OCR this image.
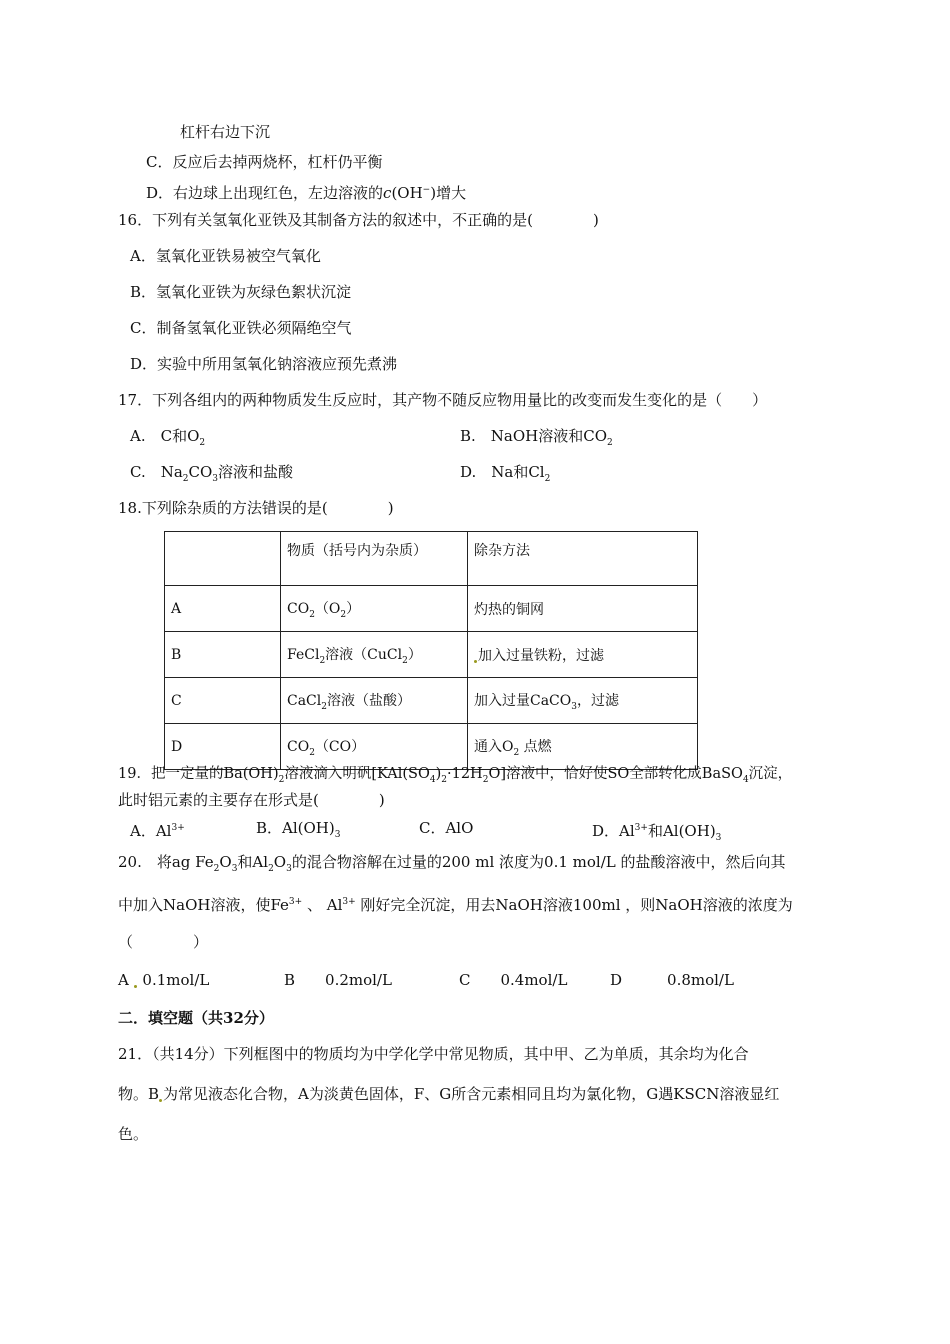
杠杆右边下沉
C．反应后去掉两烧杯，杠杆仍平衡
D．右边球上出现红色，左边溶液的c(OH−)增大
16．下列有关氢氧化亚铁及其制备方法的叙述中，不正确的是(　　　　)
A．氢氧化亚铁易被空气氧化
B．氢氧化亚铁为灰绿色絮状沉淀
C．制备氢氧化亚铁必须隔绝空气
D．实验中所用氢氧化钠溶液应预先煮沸
17．下列各组内的两种物质发生反应时，其产物不随反应物用量比的改变而发生变化的是（　　）
A.　C和$O_2$	B.　NaOH溶液和$CO_2$
C.　$Na_2CO_3$溶液和盐酸	D.　Na和$Cl_2$
18.下列除杂质的方法错误的是(　　　　)
	物质（括号内为杂质）	除杂方法
A	$CO_2(O_2)$	灼热的铜网
B	FeCl$_2$溶液（CuCl$_2$）	加入过量铁粉，过滤
C	CaCl$_2$溶液（盐酸）	加入过量CaCO$_3$，过滤
D	$CO_2(CO)$	通入$O_2$ 点燃
19．把一定量的$Ba(OH)_2$溶液滴入明矾$[KAl(SO_4)_2\cdot 12H_2O]$溶液中，恰好使SO全部转化成BaSO$_4$沉淀，
此时铝元素的主要存在形式是(　　　　)
A．$Al^{3+}$	B．$Al(OH)_3$	C．AlO	D．$Al^{3+}$和$Al(OH)_3$
20.　将ag $Fe_2O_3$和$Al_2O_3$的混合物溶解在过量的200 ml 浓度为0.1 mol/L 的盐酸溶液中，然后向其
中加入NaOH溶液，使$Fe^{3+}$ 、 $Al^{3+}$ 刚好完全沉淀，用去NaOH溶液100ml ，则NaOH溶液的浓度为
（　　　　）
A 0.1mol/L	B　　0.2mol/L	C　　0.4mol/L	D　　　0.8mol/L
二．填空题（共32分）
21．（共14分）下列框图中的物质均为中学化学中常见物质，其中甲、乙为单质，其余均为化合
物。B 为常见液态化合物，A为淡黄色固体，F、G所含元素相同且均为氯化物，G遇KSCN溶液显红
色。
